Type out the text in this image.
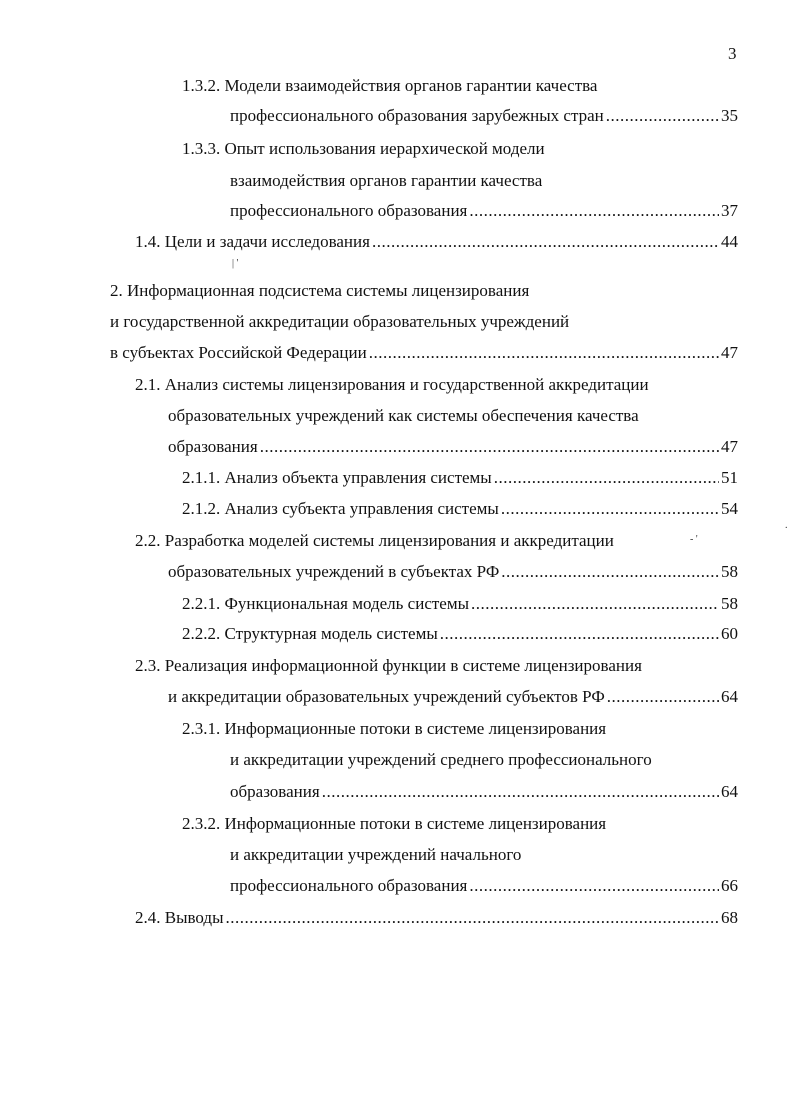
3
1.3.2. Модели взаимодействия органов гарантии качества
профессионального образования зарубежных стран .....	35
1.3.3. Опыт использования иерархической модели
взаимодействия органов гарантии качества
профессионального образования .....	37
1.4. Цели и задачи исследования .....	44
2. Информационная подсистема системы лицензирования
и государственной аккредитации образовательных учреждений
в субъектах Российской Федерации .....	47
2.1. Анализ системы лицензирования и государственной аккредитации
образовательных учреждений как системы обеспечения качества
образования .....	47
2.1.1. Анализ объекта управления системы .....	51
2.1.2. Анализ субъекта управления системы .....	54
2.2. Разработка моделей системы лицензирования и аккредитации
образовательных учреждений в субъектах РФ .....	58
2.2.1. Функциональная модель системы .....	58
2.2.2. Структурная модель системы .....	60
2.3. Реализация информационной функции в системе лицензирования
и аккредитации образовательных учреждений субъектов РФ .....	64
2.3.1. Информационные потоки в системе лицензирования
и аккредитации учреждений среднего профессионального
образования .....	64
2.3.2. Информационные потоки в системе лицензирования
и аккредитации учреждений начального
профессионального образования .....	66
2.4. Выводы .....	68
| '
- '
.
